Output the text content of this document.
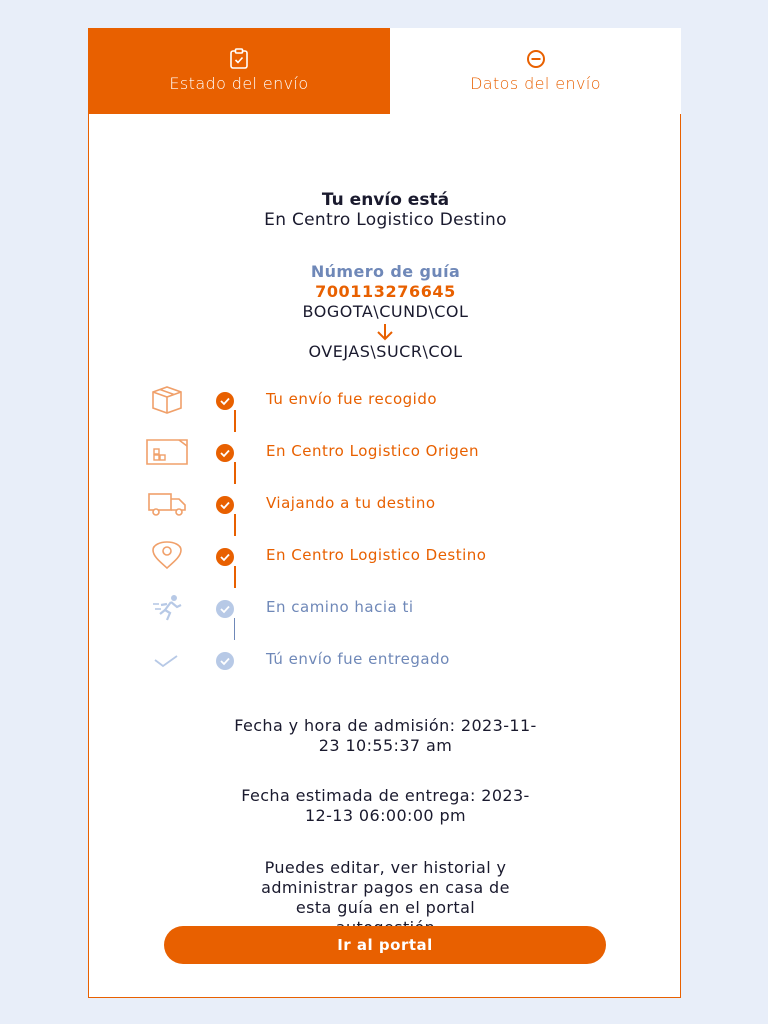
Estado del envío	Datos del envío
Tu envío está
En Centro Logistico Destino
Número de guía
700113276645
BOGOTA\CUND\COL
OVEJAS\SUCR\COL
Tu envío fue recogido
En Centro Logistico Origen
Viajando a tu destino
En Centro Logistico Destino
En camino hacia ti
Tú envío fue entregado
Fecha y hora de admisión: 2023-11-
23 10:55:37 am
Fecha estimada de entrega: 2023-
12-13 06:00:00 pm
Puedes editar, ver historial y
administrar pagos en casa de
esta guía en el portal
Ir al portal
